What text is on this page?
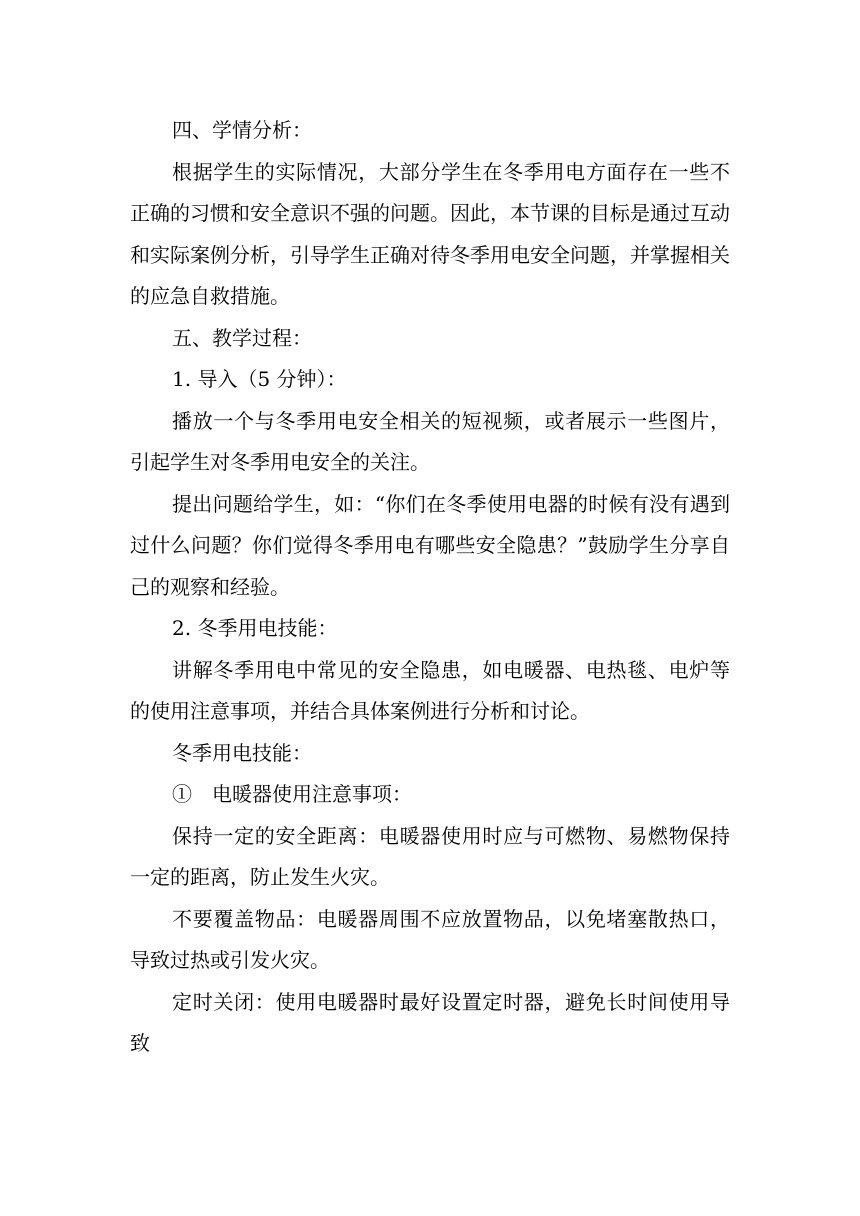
四、学情分析：

根据学生的实际情况，大部分学生在冬季用电方面存在一些不正确的习惯和安全意识不强的问题。因此，本节课的目标是通过互动和实际案例分析，引导学生正确对待冬季用电安全问题，并掌握相关的应急自救措施。

五、教学过程：

1. 导入（5 分钟）：

播放一个与冬季用电安全相关的短视频，或者展示一些图片，引起学生对冬季用电安全的关注。

提出问题给学生，如：“你们在冬季使用电器的时候有没有遇到过什么问题？你们觉得冬季用电有哪些安全隐患？”鼓励学生分享自己的观察和经验。

2. 冬季用电技能：

讲解冬季用电中常见的安全隐患，如电暖器、电热毯、电炉等的使用注意事项，并结合具体案例进行分析和讨论。

冬季用电技能：

①　电暖器使用注意事项：

保持一定的安全距离：电暖器使用时应与可燃物、易燃物保持一定的距离，防止发生火灾。

不要覆盖物品：电暖器周围不应放置物品，以免堵塞散热口，导致过热或引发火灾。

定时关闭：使用电暖器时最好设置定时器，避免长时间使用导致
